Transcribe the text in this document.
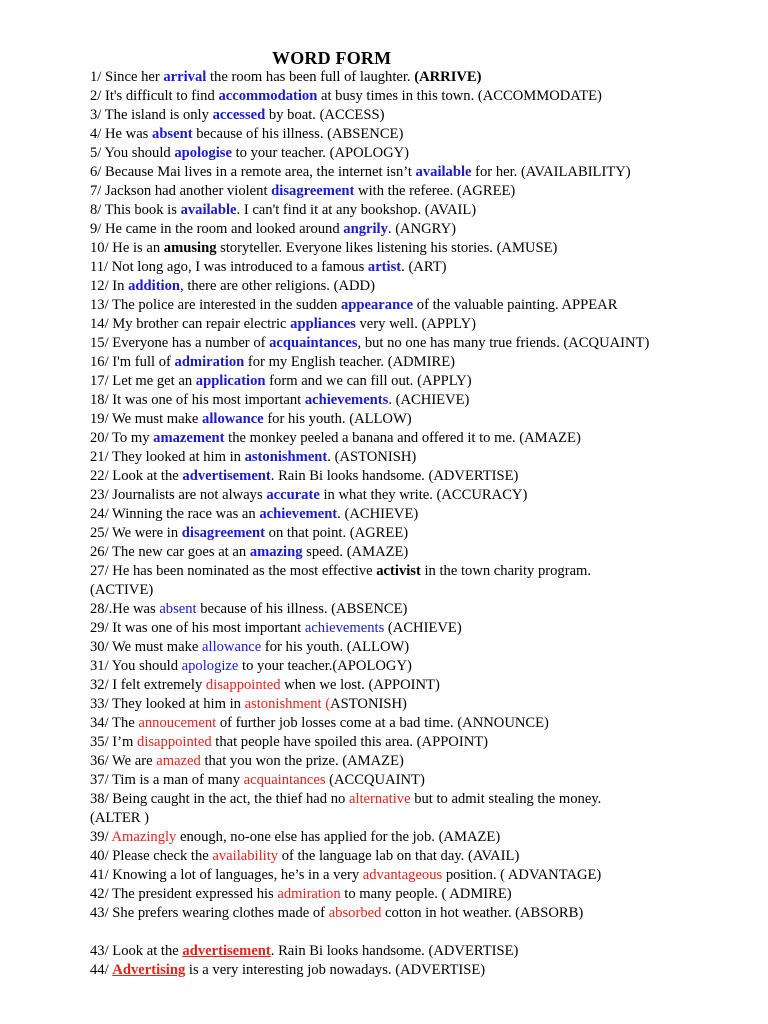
WORD FORM
1/ Since her arrival the room has been full of laughter. (ARRIVE)
2/ It's difficult to find accommodation at busy times in this town. (ACCOMMODATE)
3/ The island is only accessed by boat. (ACCESS)
4/ He was absent because of his illness. (ABSENCE)
5/ You should apologise to your teacher. (APOLOGY)
6/ Because Mai lives in a remote area, the internet isn’t available for her. (AVAILABILITY)
7/ Jackson had another violent disagreement with the referee. (AGREE)
8/ This book is available. I can't find it at any bookshop. (AVAIL)
9/ He came in the room and looked around angrily. (ANGRY)
10/ He is an amusing storyteller. Everyone likes listening his stories. (AMUSE)
11/ Not long ago, I was introduced to a famous artist. (ART)
12/ In addition, there are other religions. (ADD)
13/ The police are interested in the sudden appearance of the valuable painting. APPEAR
14/ My brother can repair electric appliances very well. (APPLY)
15/ Everyone has a number of acquaintances, but no one has many true friends. (ACQUAINT)
16/ I'm full of admiration for my English teacher. (ADMIRE)
17/ Let me get an application form and we can fill out. (APPLY)
18/ It was one of his most important achievements. (ACHIEVE)
19/ We must make allowance for his youth. (ALLOW)
20/ To my amazement the monkey peeled a banana and offered it to me. (AMAZE)
21/ They looked at him in astonishment. (ASTONISH)
22/ Look at the advertisement. Rain Bi looks handsome. (ADVERTISE)
23/ Journalists are not always accurate in what they write. (ACCURACY)
24/ Winning the race was an achievement. (ACHIEVE)
25/ We were in disagreement on that point. (AGREE)
26/ The new car goes at an amazing speed. (AMAZE)
27/ He has been nominated as the most effective activist in the town charity program.
(ACTIVE)
28/.He was absent because of his illness. (ABSENCE)
29/ It was one of his most important achievements (ACHIEVE)
30/ We must make allowance for his youth. (ALLOW)
31/ You should apologize to your teacher.(APOLOGY)
32/ I felt extremely disappointed when we lost. (APPOINT)
33/ They looked at him in astonishment (ASTONISH)
34/ The annoucement of further job losses come at a bad time. (ANNOUNCE)
35/ I’m disappointed that people have spoiled this area. (APPOINT)
36/ We are amazed that you won the prize. (AMAZE)
37/ Tim is a man of many acquaintances (ACCQUAINT)
38/ Being caught in the act, the thief had no alternative but to admit stealing the money.
(ALTER )
39/ Amazingly enough, no-one else has applied for the job. (AMAZE)
40/ Please check the availability of the language lab on that day. (AVAIL)
41/ Knowing a lot of languages, he’s in a very advantageous position. ( ADVANTAGE)
42/ The president expressed his admiration to many people. ( ADMIRE)
43/ She prefers wearing clothes made of absorbed cotton in hot weather. (ABSORB)
43/ Look at the advertisement. Rain Bi looks handsome. (ADVERTISE)
44/ Advertising is a very interesting job nowadays. (ADVERTISE)
